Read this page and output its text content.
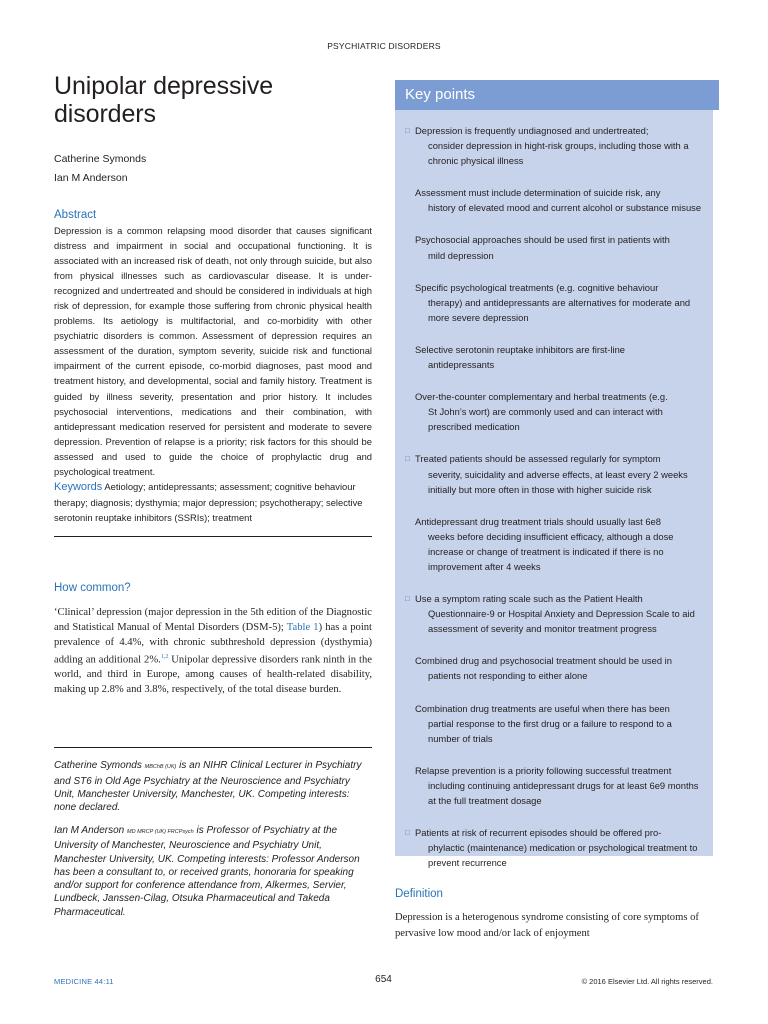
PSYCHIATRIC DISORDERS
Unipolar depressive
disorders
Catherine Symonds
Ian M Anderson
Abstract

Depression is a common relapsing mood disorder that causes significant distress and impairment in social and occupational functioning. It is associated with an increased risk of death, not only through suicide, but also from physical illnesses such as cardiovascular disease. It is under-recognized and undertreated and should be considered in individuals at high risk of depression, for example those suffering from chronic physical health problems. Its aetiology is multifactorial, and co-morbidity with other psychiatric disorders is common. Assessment of depression requires an assessment of the duration, symptom severity, suicide risk and functional impairment of the current episode, co-morbid diagnoses, past mood and treatment history, and developmental, social and family history. Treatment is guided by illness severity, presentation and prior history. It includes psychosocial interventions, medications and their combination, with antidepressant medication reserved for persistent and moderate to severe depression. Prevention of relapse is a priority; risk factors for this should be assessed and used to guide the choice of prophylactic drug and psychological treatment.

Keywords Aetiology; antidepressants; assessment; cognitive behaviour therapy; diagnosis; dysthymia; major depression; psychotherapy; selective serotonin reuptake inhibitors (SSRIs); treatment

How common?

‘Clinical’ depression (major depression in the 5th edition of the Diagnostic and Statistical Manual of Mental Disorders (DSM-5); Table 1) has a point prevalence of 4.4%, with chronic subthreshold depression (dysthymia) adding an additional 2%.$^{1,2}$ Unipolar depressive disorders rank ninth in the world, and third in Europe, among causes of health-related disability, making up 2.8% and 3.8%, respectively, of the total disease burden.

Catherine Symonds MBChB (UK) is an NIHR Clinical Lecturer in Psychiatry and ST6 in Old Age Psychiatry at the Neuroscience and Psychiatry Unit, Manchester University, Manchester, UK. Competing interests: none declared.

Ian M Anderson MD MRCP (UK) FRCPsych is Professor of Psychiatry at the University of Manchester, Neuroscience and Psychiatry Unit, Manchester University, UK. Competing interests: Professor Anderson has been a consultant to, or received grants, honoraria for speaking and/or support for conference attendance from, Alkermes, Servier, Lundbeck, Janssen-Cilag, Otsuka Pharmaceutical and Takeda Pharmaceutical.

Key points
□ Depression is frequently undiagnosed and undertreated;
consider depression in hight-risk groups, including those with a chronic physical illness
Assessment must include determination of suicide risk, any
history of elevated mood and current alcohol or substance misuse
Psychosocial approaches should be used first in patients with
mild depression
Specific psychological treatments (e.g. cognitive behaviour
therapy) and antidepressants are alternatives for moderate and more severe depression
Selective serotonin reuptake inhibitors are first-line
antidepressants
Over-the-counter complementary and herbal treatments (e.g.
St John’s wort) are commonly used and can interact with prescribed medication
□ Treated patients should be assessed regularly for symptom
severity, suicidality and adverse effects, at least every 2 weeks initially but more often in those with higher suicide risk
Antidepressant drug treatment trials should usually last 6e8
weeks before deciding insufficient efficacy, although a dose increase or change of treatment is indicated if there is no improvement after 4 weeks
□ Use a symptom rating scale such as the Patient Health
Questionnaire-9 or Hospital Anxiety and Depression Scale to aid assessment of severity and monitor treatment progress
Combined drug and psychosocial treatment should be used in
patients not responding to either alone
Combination drug treatments are useful when there has been
partial response to the first drug or a failure to respond to a number of trials
Relapse prevention is a priority following successful treatment
including continuing antidepressant drugs for at least 6e9 months at the full treatment dosage
□ Patients at risk of recurrent episodes should be offered pro-
phylactic (maintenance) medication or psychological treatment to prevent recurrence
Definition

Depression is a heterogenous syndrome consisting of core symptoms of pervasive low mood and/or lack of enjoyment

MEDICINE 44:11	654	© 2016 Elsevier Ltd. All rights reserved.
